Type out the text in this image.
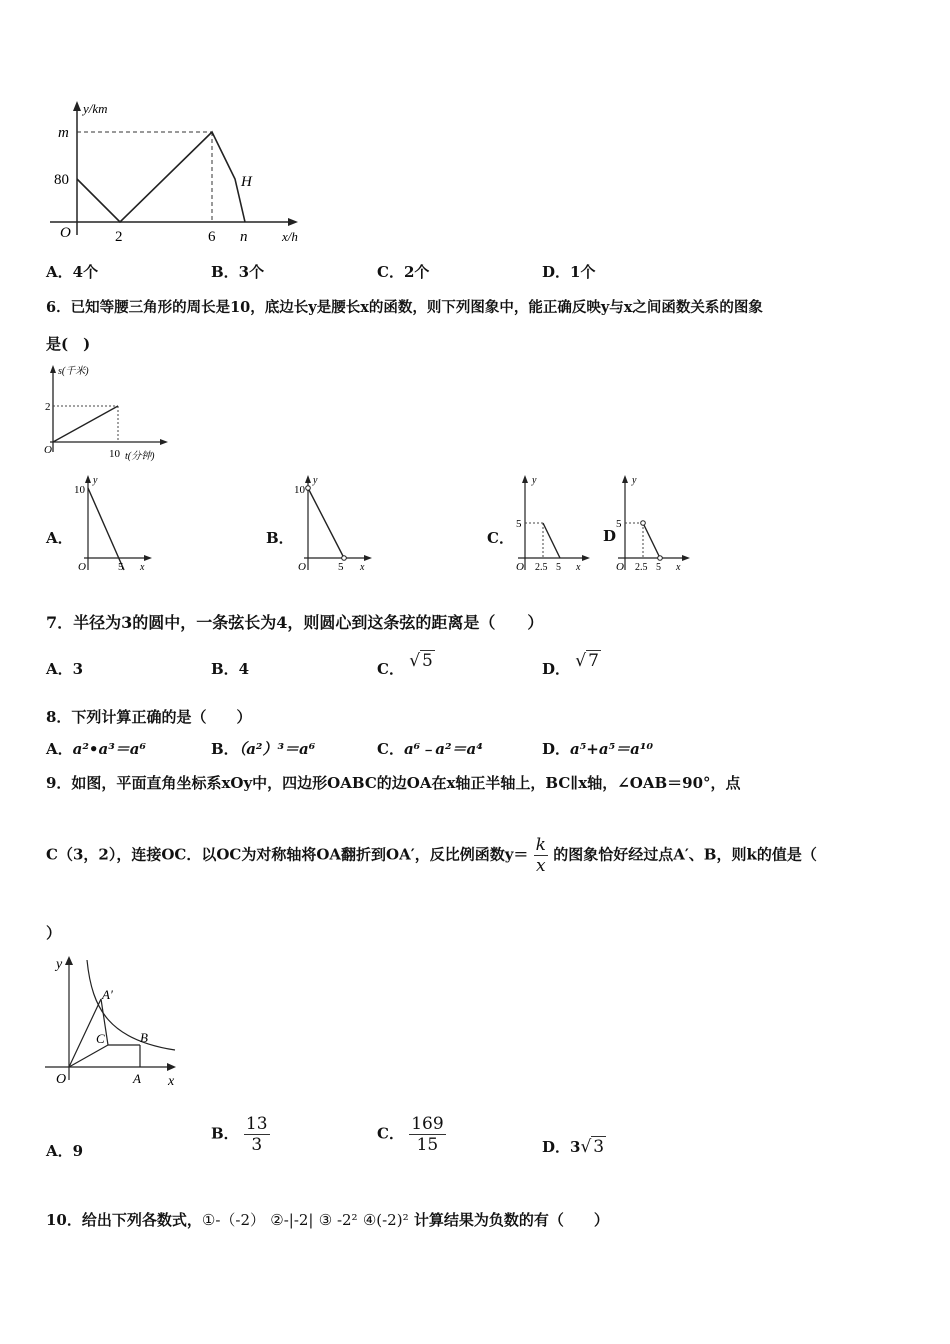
y/km
x/h
O
m
80
2	6 n
H
A．4个	B．3个	C．2个	D．1个
6．已知等腰三角形的周长是10，底边长y是腰长x的函数，则下列图象中，能正确反映y与x之间函数关系的图象
是(　)
s(千米)
2
O	10 t(分钟)
A．	B．	C．	D
y
10
O	5 x
y
10
O	5 x
y
5
O 2.5 5 x
y
5
O 2.5 5 x
7．半径为3的圆中，一条弦长为4，则圆心到这条弦的距离是（　　）
A．3	B．4	C． √ 5	D． √ 7
8．下列计算正确的是（　　）
A．a²•a³＝a⁶	B．（a²）³＝a⁶	C．a⁶﹣a²＝a⁴	D．a⁵+a⁵＝a¹⁰
9．如图，平面直角坐标系xOy中，四边形OABC的边OA在x轴正半轴上，BC∥x轴，∠OAB＝90°，点
C（3，2），连接OC．以OC为对称轴将OA翻折到OA′，反比例函数$y= \frac{k}{x}$ 的图象恰好经过点A′、B，则k的值是（
）
y
x
O
A′
C	B
A
A．9
B． $\frac{13}{3}$	C． $\frac{169}{15}$	D．3√ 3
10．给出下列各数式，①-（-2） ②-|-2| ③ -2² ④(-2)² 计算结果为负数的有（　　）
